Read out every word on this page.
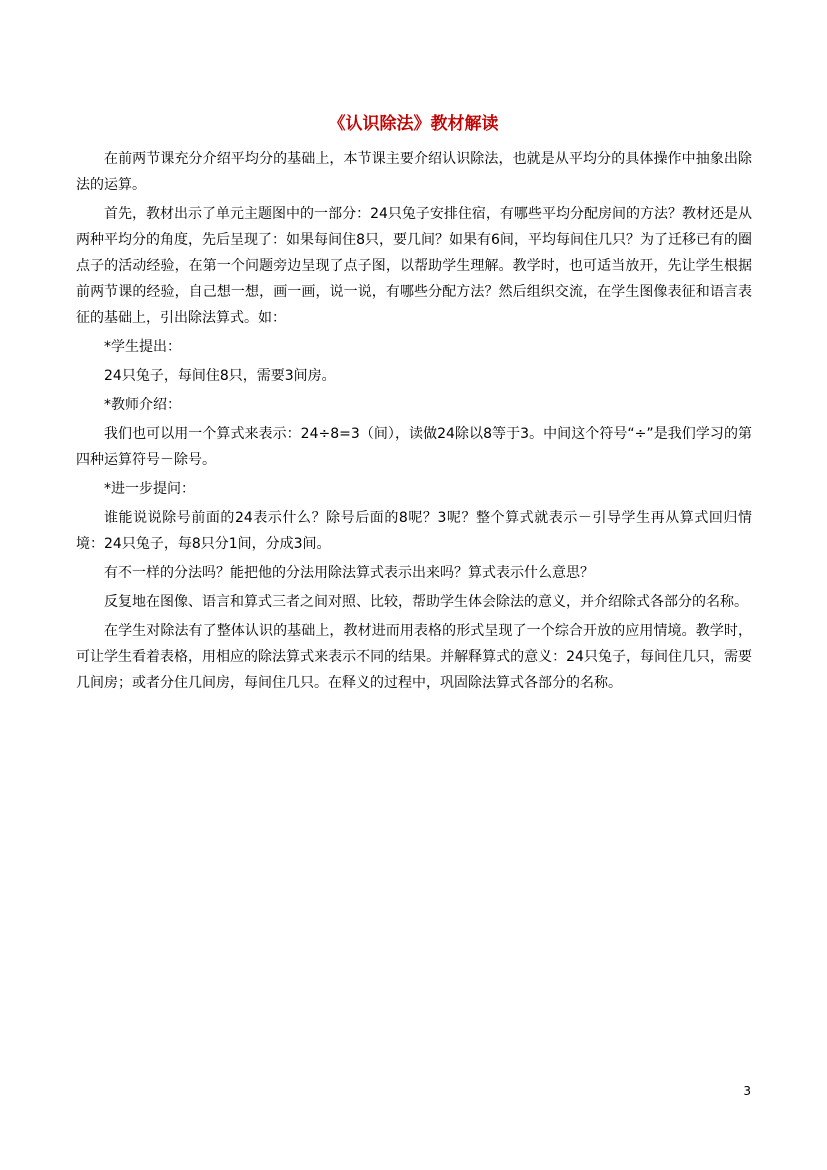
《认识除法》教材解读

在前两节课充分介绍平均分的基础上，本节课主要介绍认识除法，也就是从平均分的具体操作中抽象出除法的运算。

首先，教材出示了单元主题图中的一部分：24只兔子安排住宿，有哪些平均分配房间的方法？教材还是从两种平均分的角度，先后呈现了：如果每间住8只，要几间？如果有6间，平均每间住几只？为了迁移已有的圈点子的活动经验，在第一个问题旁边呈现了点子图，以帮助学生理解。教学时，也可适当放开，先让学生根据前两节课的经验，自己想一想，画一画，说一说，有哪些分配方法？然后组织交流，在学生图像表征和语言表征的基础上，引出除法算式。如：

*学生提出：

24只兔子，每间住8只，需要3间房。

*教师介绍：

我们也可以用一个算式来表示：24÷8=3（间），读做24除以8等于3。中间这个符号“÷”是我们学习的第四种运算符号－除号。

*进一步提问：

谁能说说除号前面的24表示什么？除号后面的8呢？3呢？整个算式就表示－引导学生再从算式回归情境：24只兔子，每8只分1间，分成3间。

有不一样的分法吗？能把他的分法用除法算式表示出来吗？算式表示什么意思？

反复地在图像、语言和算式三者之间对照、比较，帮助学生体会除法的意义，并介绍除式各部分的名称。

在学生对除法有了整体认识的基础上，教材进而用表格的形式呈现了一个综合开放的应用情境。教学时，可让学生看着表格，用相应的除法算式来表示不同的结果。并解释算式的意义：24只兔子，每间住几只，需要几间房；或者分住几间房，每间住几只。在释义的过程中，巩固除法算式各部分的名称。

3
